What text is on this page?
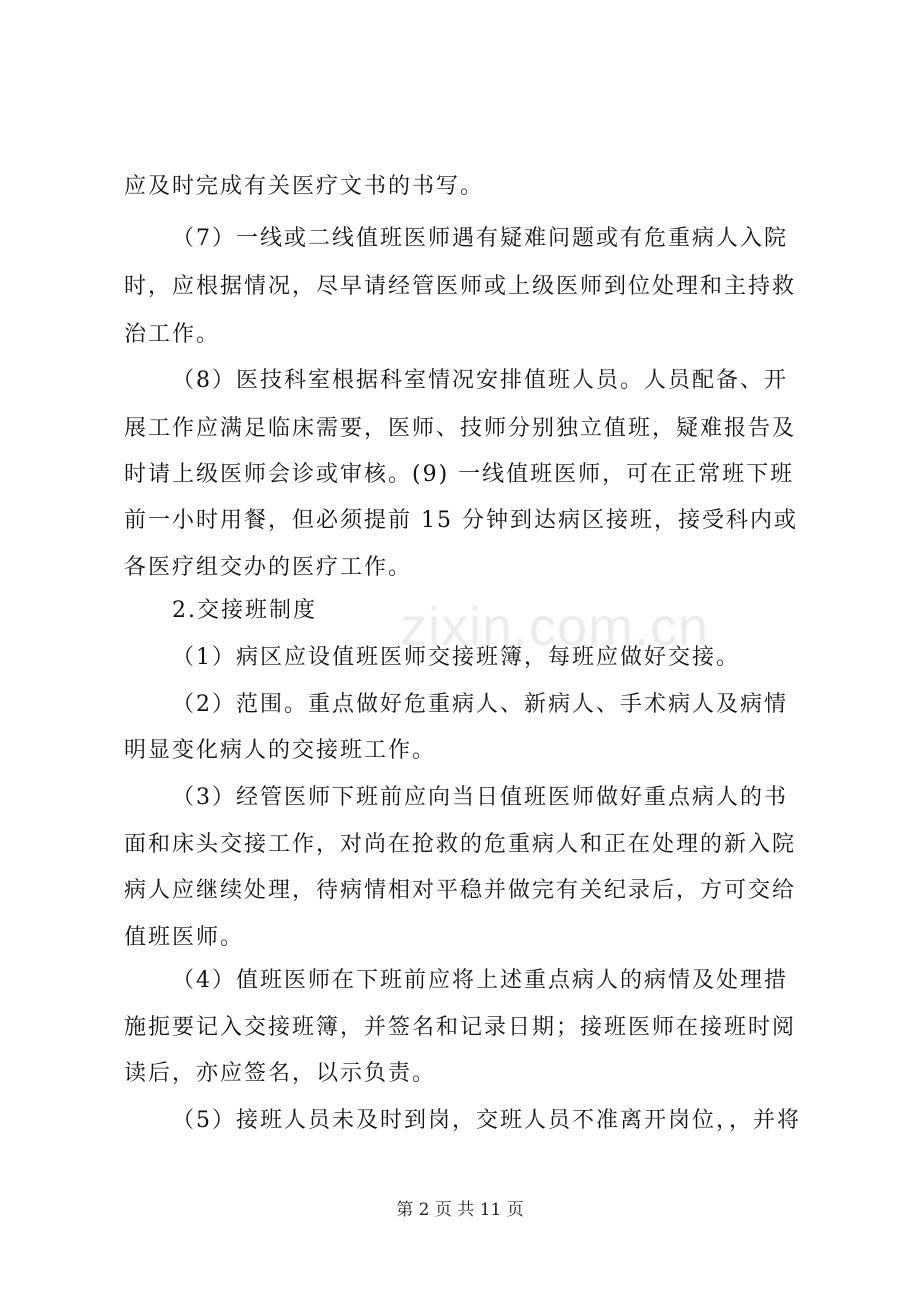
应及时完成有关医疗文书的书写。
（7）一线或二线值班医师遇有疑难问题或有危重病人入院
时，应根据情况，尽早请经管医师或上级医师到位处理和主持救
治工作。
（8）医技科室根据科室情况安排值班人员。人员配备、开
展工作应满足临床需要，医师、技师分别独立值班，疑难报告及
时请上级医师会诊或审核。(9) 一线值班医师，可在正常班下班
前一小时用餐，但必须提前 15 分钟到达病区接班，接受科内或
各医疗组交办的医疗工作。
2.交接班制度
（1）病区应设值班医师交接班簿，每班应做好交接。
（2）范围。重点做好危重病人、新病人、手术病人及病情
明显变化病人的交接班工作。
（3）经管医师下班前应向当日值班医师做好重点病人的书
面和床头交接工作，对尚在抢救的危重病人和正在处理的新入院
病人应继续处理，待病情相对平稳并做完有关纪录后，方可交给
值班医师。
（4）值班医师在下班前应将上述重点病人的病情及处理措
施扼要记入交接班簿，并签名和记录日期；接班医师在接班时阅
读后，亦应签名，以示负责。
（5）接班人员未及时到岗，交班人员不准离开岗位，，并将
zixin.com.cn
第 2 页 共 11 页
